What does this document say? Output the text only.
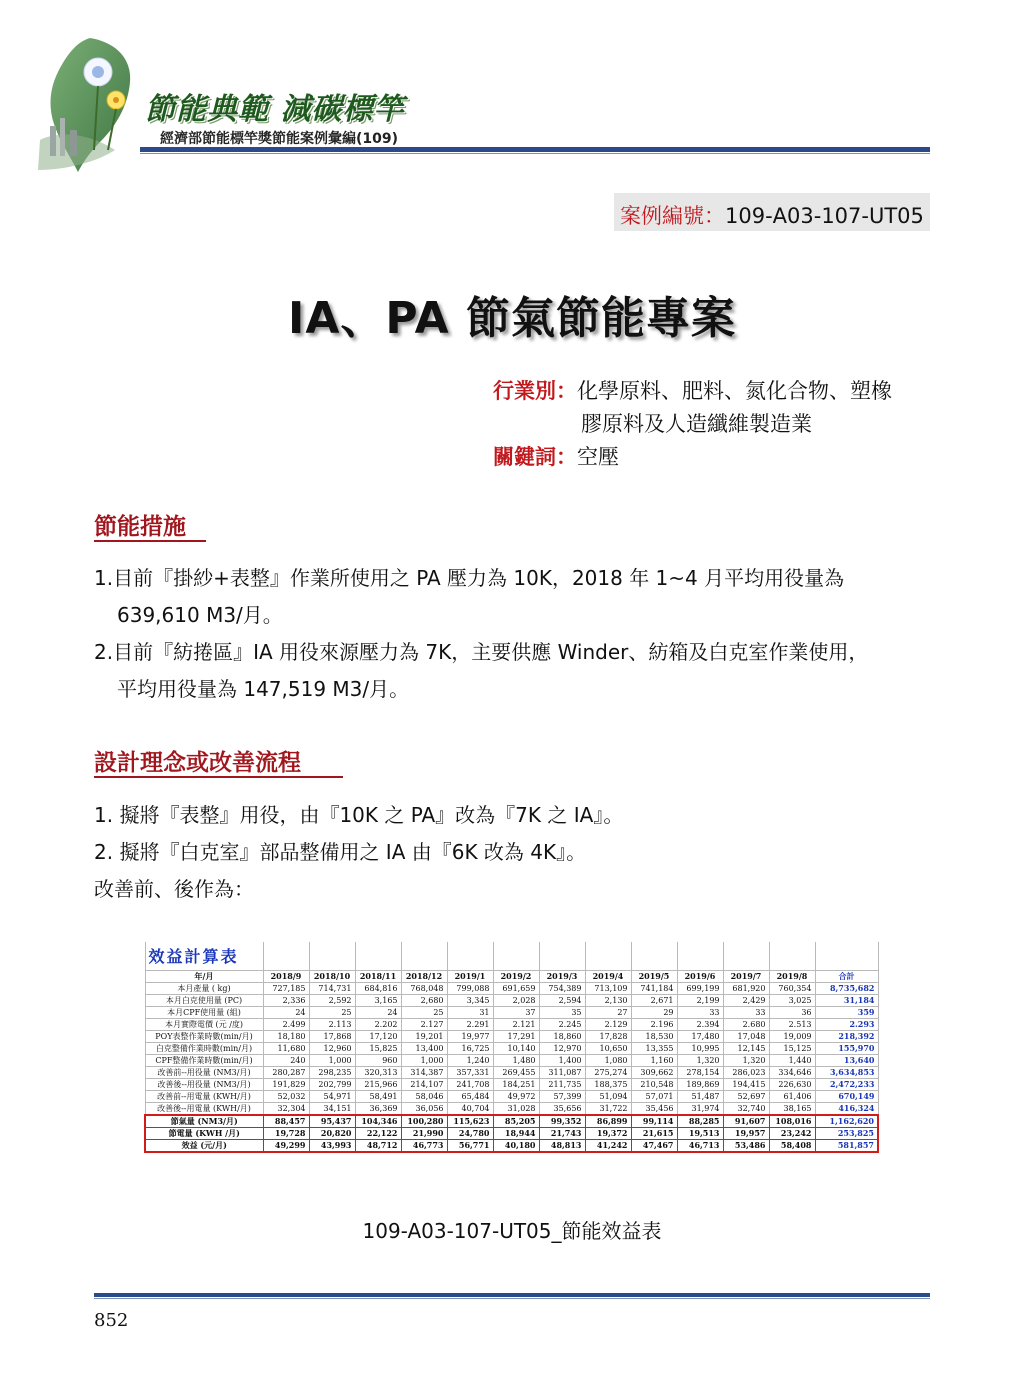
節能典範 減碳標竿
經濟部節能標竿獎節能案例彙編(109)
案例編號：109-A03-107-UT05
IA、PA 節氣節能專案
行業別：化學原料、肥料、氮化合物、塑橡
膠原料及人造纖維製造業
關鍵詞：空壓
節能措施
1.目前『掛紗+表整』作業所使用之 PA 壓力為 10K，2018 年 1~4 月平均用役量為
639,610 M3/月。
2.目前『紡捲區』IA 用役來源壓力為 7K，主要供應 Winder、紡箱及白克室作業使用，
平均用役量為 147,519 M3/月。
設計理念或改善流程
1. 擬將『表整』用役，由『10K 之 PA』改為『7K 之 IA』。
2. 擬將『白克室』部品整備用之 IA 由『6K 改為 4K』。
改善前、後作為：
效益計算表													
年/月	2018/9	2018/10	2018/11	2018/12	2019/1	2019/2	2019/3	2019/4	2019/5	2019/6	2019/7	2019/8	合計
本月產量 ( kg)	727,185	714,731	684,816	768,048	799,088	691,659	754,389	713,109	741,184	699,199	681,920	760,354	8,735,682
本月白克使用量 (PC)	2,336	2,592	3,165	2,680	3,345	2,028	2,594	2,130	2,671	2,199	2,429	3,025	31,184
本月CPF使用量 (組)	24	25	24	25	31	37	35	27	29	33	33	36	359
本月實際電價 (元 /度)	2.499	2.113	2.202	2.127	2.291	2.121	2.245	2.129	2.196	2.394	2.680	2.513	2.293
POY表整作業時數(min/月)	18,180	17,868	17,120	19,201	19,977	17,291	18,860	17,828	18,530	17,480	17,048	19,009	218,392
白克整備作業時數(min/月)	11,680	12,960	15,825	13,400	16,725	10,140	12,970	10,650	13,355	10,995	12,145	15,125	155,970
CPF整備作業時數(min/月)	240	1,000	960	1,000	1,240	1,480	1,400	1,080	1,160	1,320	1,320	1,440	13,640
改善前--用役量 (NM3/月)	280,287	298,235	320,313	314,387	357,331	269,455	311,087	275,274	309,662	278,154	286,023	334,646	3,634,853
改善後--用役量 (NM3/月)	191,829	202,799	215,966	214,107	241,708	184,251	211,735	188,375	210,548	189,869	194,415	226,630	2,472,233
改善前--用電量 (KWH/月)	52,032	54,971	58,491	58,046	65,484	49,972	57,399	51,094	57,071	51,487	52,697	61,406	670,149
改善後--用電量 (KWH/月)	32,304	34,151	36,369	36,056	40,704	31,028	35,656	31,722	35,456	31,974	32,740	38,165	416,324
節氣量 (NM3/月)	88,457	95,437	104,346	100,280	115,623	85,205	99,352	86,899	99,114	88,285	91,607	108,016	1,162,620
節電量 (KWH /月)	19,728	20,820	22,122	21,990	24,780	18,944	21,743	19,372	21,615	19,513	19,957	23,242	253,825
效益 (元/月)	49,299	43,993	48,712	46,773	56,771	40,180	48,813	41,242	47,467	46,713	53,486	58,408	581,857
109-A03-107-UT05_節能效益表
852
